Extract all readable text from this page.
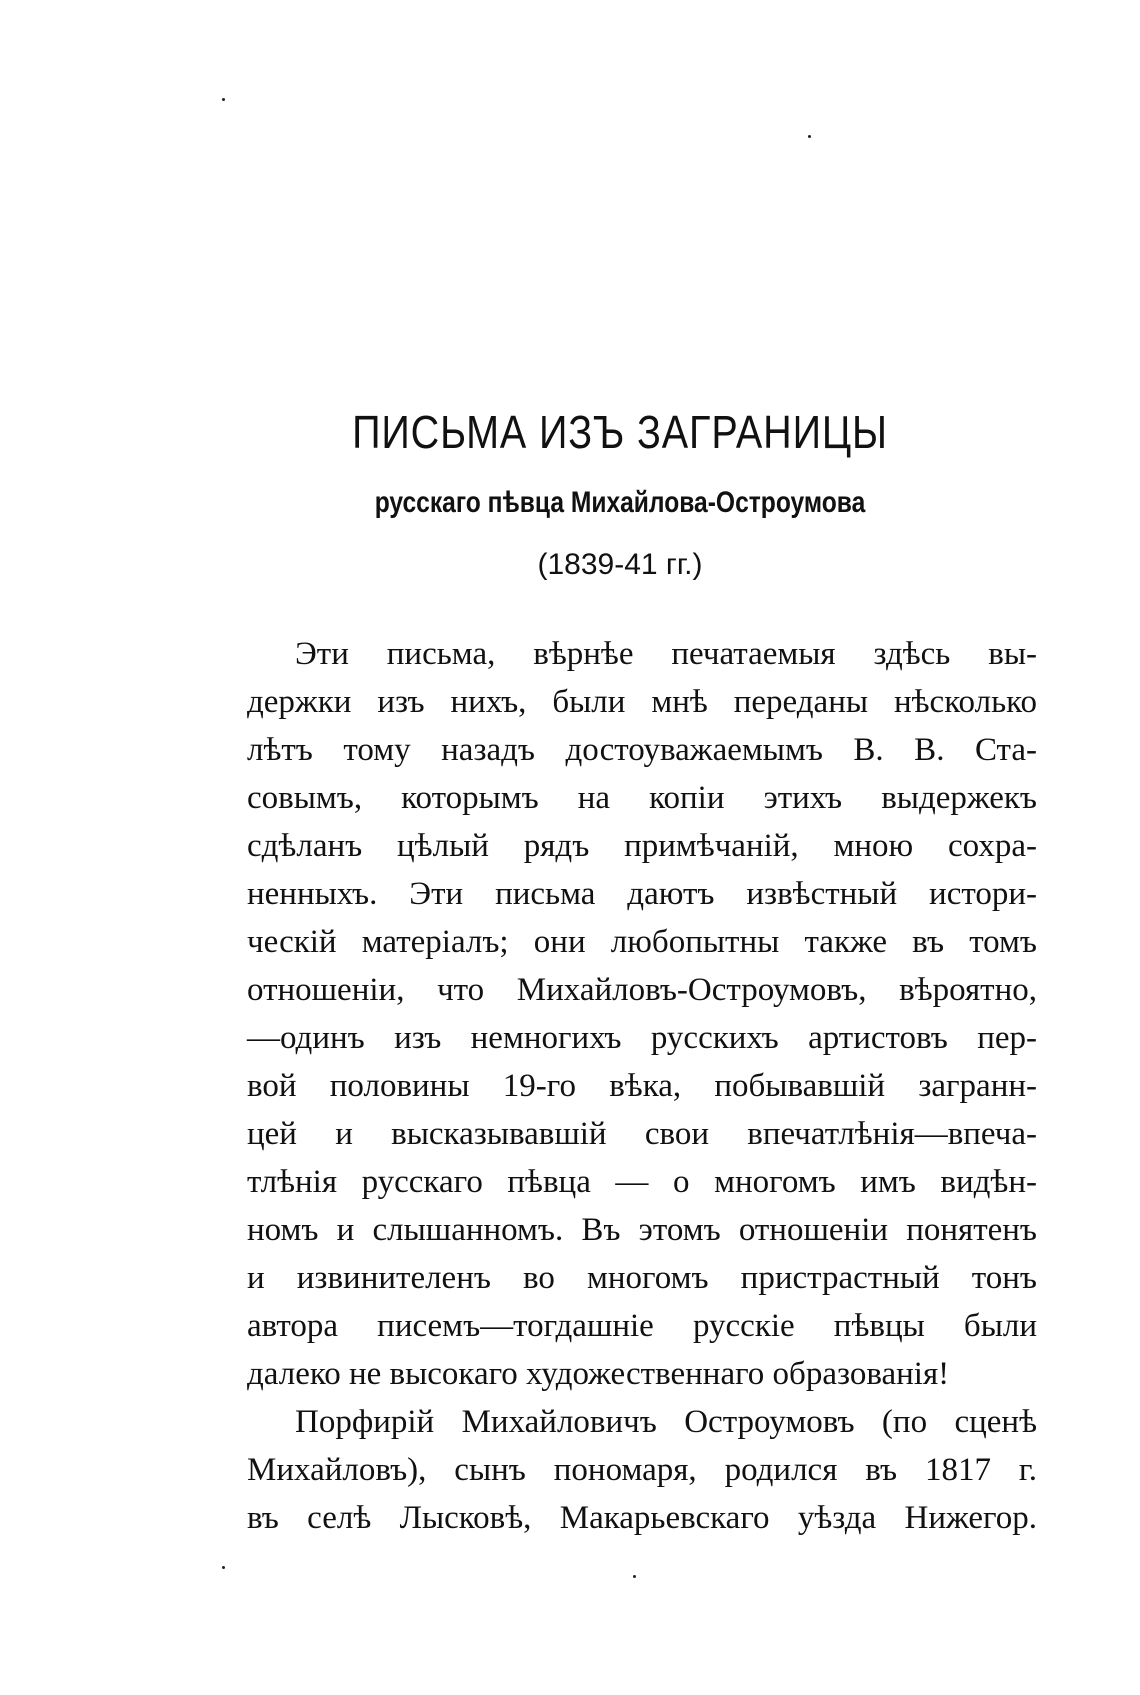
ПИСЬМА ИЗЪ ЗАГРАНИЦЫ
русскаго пѣвца Михайлова-Остроумова
(1839-41 гг.)
Эти письма, вѣрнѣе печатаемыя здѣсь вы-
держки изъ нихъ, были мнѣ переданы нѣсколько
лѣтъ тому назадъ достоуважаемымъ В. В. Ста-
совымъ, которымъ на копіи этихъ выдержекъ
сдѣланъ цѣлый рядъ примѣчаній, мною сохра-
ненныхъ. Эти письма даютъ извѣстный истори-
ческій матеріалъ; они любопытны также въ томъ
отношеніи, что Михайловъ-Остроумовъ, вѣроятно,
—одинъ изъ немногихъ русскихъ артистовъ пер-
вой половины 19-го вѣка, побывавшій загранн-
цей и высказывавшій свои впечатлѣнія—впеча-
тлѣнія русскаго пѣвца — о многомъ имъ видѣн-
номъ и слышанномъ. Въ этомъ отношеніи понятенъ
и извинителенъ во многомъ пристрастный тонъ
автора писемъ—тогдашніе русскіе пѣвцы были
далеко не высокаго художественнаго образованія!
Порфирій Михайловичъ Остроумовъ (по сценѣ
Михайловъ), сынъ пономаря, родился въ 1817 г.
въ селѣ Лысковѣ, Макарьевскаго уѣзда Нижегор.
